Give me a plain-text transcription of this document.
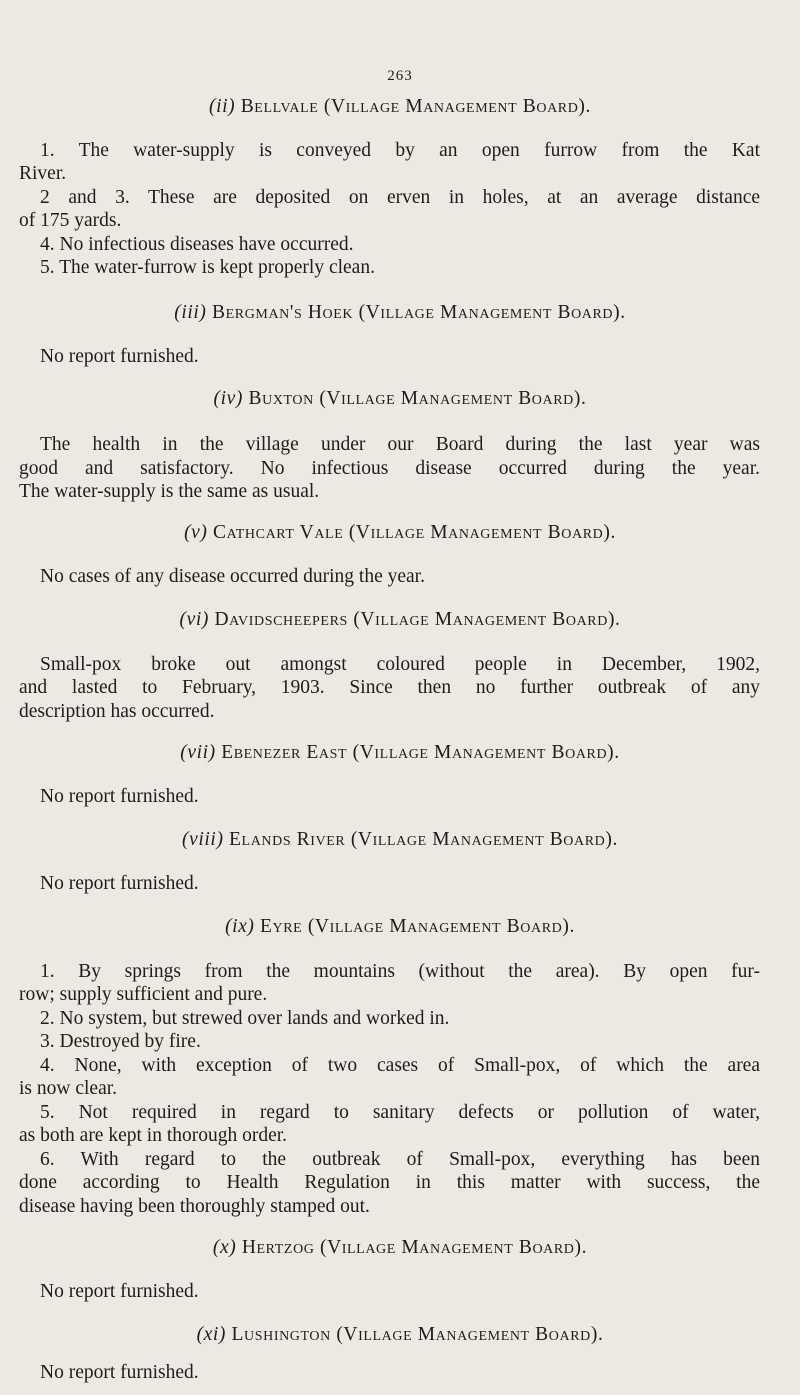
263
(ii) Bellvale (Village Management Board).
1. The water-supply is conveyed by an open furrow from the Kat
River.
2 and 3. These are deposited on erven in holes, at an average distance
of 175 yards.
4. No infectious diseases have occurred.
5. The water-furrow is kept properly clean.
(iii) Bergman's Hoek (Village Management Board).
No report furnished.
(iv) Buxton (Village Management Board).
The health in the village under our Board during the last year was
good and satisfactory. No infectious disease occurred during the year.
The water-supply is the same as usual.
(v) Cathcart Vale (Village Management Board).
No cases of any disease occurred during the year.
(vi) Davidscheepers (Village Management Board).
Small-pox broke out amongst coloured people in December, 1902,
and lasted to February, 1903. Since then no further outbreak of any
description has occurred.
(vii) Ebenezer East (Village Management Board).
No report furnished.
(viii) Elands River (Village Management Board).
No report furnished.
(ix) Eyre (Village Management Board).
1. By springs from the mountains (without the area). By open fur-
row; supply sufficient and pure.
2. No system, but strewed over lands and worked in.
3. Destroyed by fire.
4. None, with exception of two cases of Small-pox, of which the area
is now clear.
5. Not required in regard to sanitary defects or pollution of water,
as both are kept in thorough order.
6. With regard to the outbreak of Small-pox, everything has been
done according to Health Regulation in this matter with success, the
disease having been thoroughly stamped out.
(x) Hertzog (Village Management Board).
No report furnished.
(xi) Lushington (Village Management Board).
No report furnished.
